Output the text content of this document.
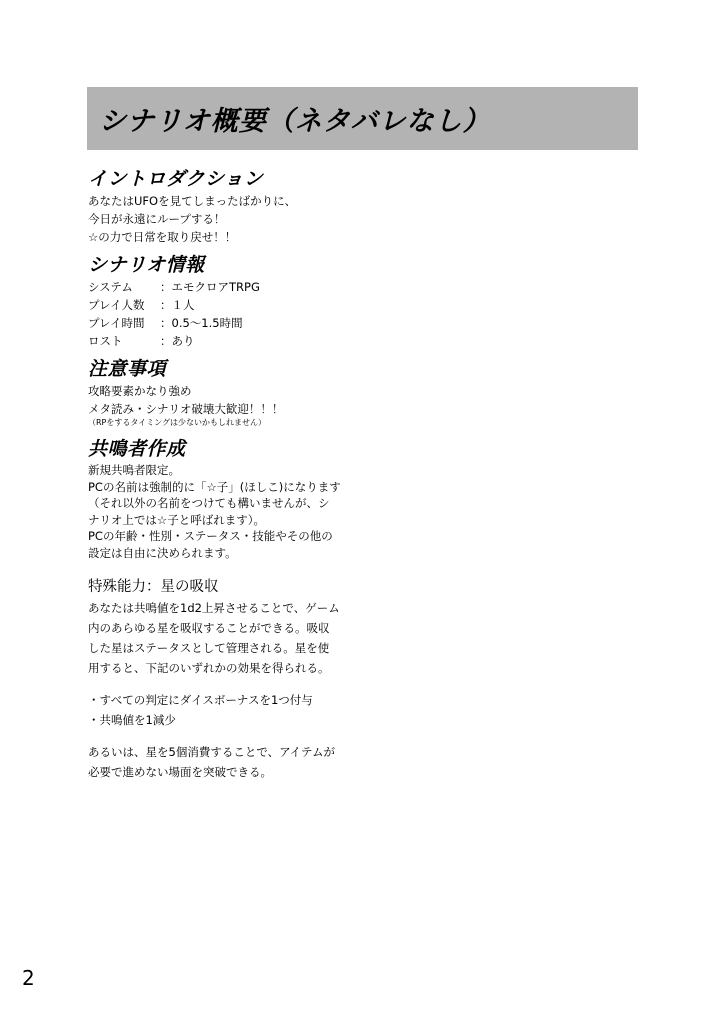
シナリオ概要（ネタバレなし）
イントロダクション
あなたはUFOを見てしまったばかりに、
今日が永遠にループする！
☆の力で日常を取り戻せ！！
シナリオ情報
システム	：エモクロアTRPG
プレイ人数	：１人
プレイ時間	：0.5〜1.5時間
ロスト	：あり
注意事項
攻略要素かなり強め
メタ読み・シナリオ破壊大歓迎！！！
（RPをするタイミングは少ないかもしれません）
共鳴者作成
新規共鳴者限定。
PCの名前は強制的に「☆子」(ほしこ)になります
（それ以外の名前をつけても構いませんが、シ
ナリオ上では☆子と呼ばれます）。
PCの年齢・性別・ステータス・技能やその他の
設定は自由に決められます。
特殊能力：星の吸収
あなたは共鳴値を1d2上昇させることで、ゲーム
内のあらゆる星を吸収することができる。吸収
した星はステータスとして管理される。星を使
用すると、下記のいずれかの効果を得られる。
・すべての判定にダイスボーナスを1つ付与
・共鳴値を1減少
あるいは、星を5個消費することで、アイテムが
必要で進めない場面を突破できる。
2
